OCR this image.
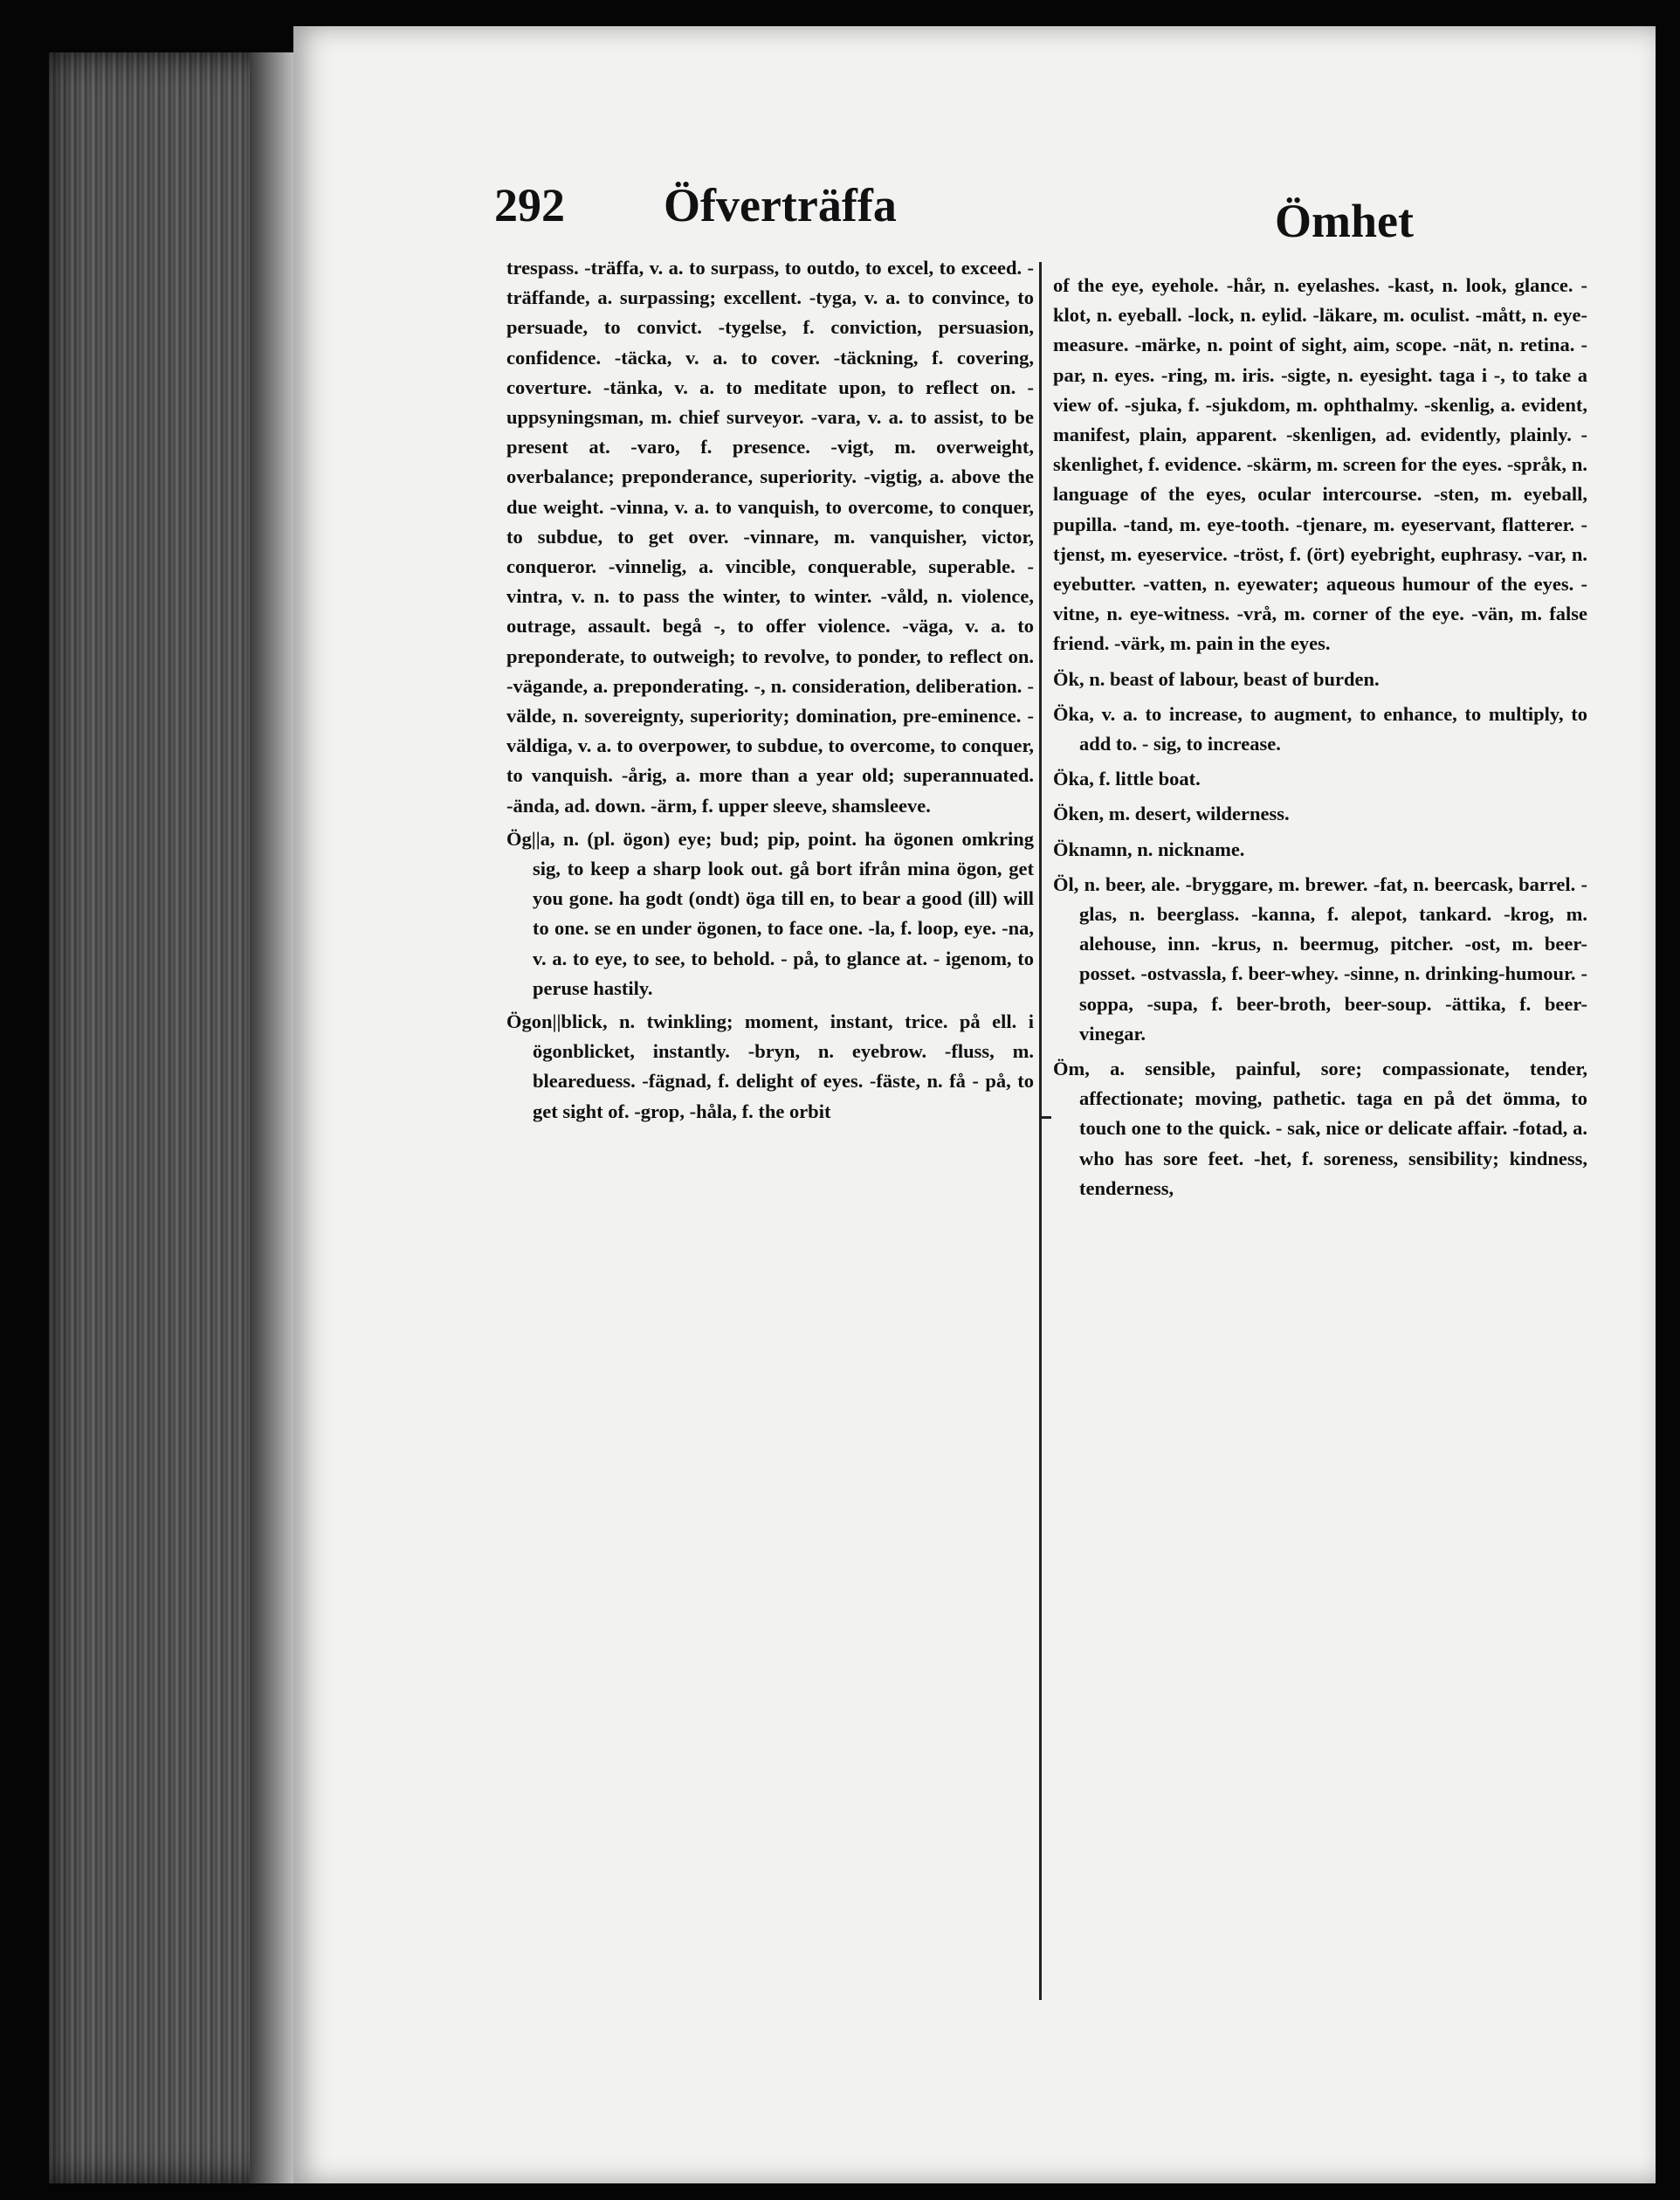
292 Öfverträffa	Ömhet

trespass. -träffa, v. a. to surpass, to outdo, to excel, to exceed. -träffande, a. surpassing; excellent. -tyga, v. a. to convince, to persuade, to convict. -tygelse, f. conviction, persuasion, confidence. -täcka, v. a. to cover. -täckning, f. covering, coverture. -tänka, v. a. to meditate upon, to reflect on. -uppsyningsman, m. chief surveyor. -vara, v. a. to assist, to be present at. -varo, f. presence. -vigt, m. overweight, overbalance; preponderance, superiority. -vigtig, a. above the due weight. -vinna, v. a. to vanquish, to overcome, to conquer, to subdue, to get over. -vinnare, m. vanquisher, victor, conqueror. -vinnelig, a. vincible, conquerable, superable. -vintra, v. n. to pass the winter, to winter. -våld, n. violence, outrage, assault. begå -, to offer violence. -väga, v. a. to preponderate, to outweigh; to revolve, to ponder, to reflect on. -vägande, a. preponderating. -, n. consideration, deliberation. -välde, n. sovereignty, superiority; domination, pre-eminence. -väldiga, v. a. to overpower, to subdue, to overcome, to conquer, to vanquish. -årig, a. more than a year old; superannuated. -ända, ad. down. -ärm, f. upper sleeve, shamsleeve.

Ög||a, n. (pl. ögon) eye; bud; pip, point. ha ögonen omkring sig, to keep a sharp look out. gå bort ifrån mina ögon, get you gone. ha godt (ondt) öga till en, to bear a good (ill) will to one. se en under ögonen, to face one. -la, f. loop, eye. -na, v. a. to eye, to see, to behold. - på, to glance at. - igenom, to peruse hastily.

Ögon||blick, n. twinkling; moment, instant, trice. på ell. i ögonblicket, instantly. -bryn, n. eyebrow. -fluss, m. bleareduess. -fägnad, f. delight of eyes. -fäste, n. få - på, to get sight of. -grop, -håla, f. the orbit

of the eye, eyehole. -hår, n. eyelashes. -kast, n. look, glance. -klot, n. eyeball. -lock, n. eylid. -läkare, m. oculist. -mått, n. eye-measure. -märke, n. point of sight, aim, scope. -nät, n. retina. -par, n. eyes. -ring, m. iris. -sigte, n. eyesight. taga i -, to take a view of. -sjuka, f. -sjukdom, m. ophthalmy. -skenlig, a. evident, manifest, plain, apparent. -skenligen, ad. evidently, plainly. -skenlighet, f. evidence. -skärm, m. screen for the eyes. -språk, n. language of the eyes, ocular intercourse. -sten, m. eyeball, pupilla. -tand, m. eye-tooth. -tjenare, m. eyeservant, flatterer. -tjenst, m. eyeservice. -tröst, f. (ört) eyebright, euphrasy. -var, n. eyebutter. -vatten, n. eyewater; aqueous humour of the eyes. -vitne, n. eye-witness. -vrå, m. corner of the eye. -vän, m. false friend. -värk, m. pain in the eyes.

Ök, n. beast of labour, beast of burden.

Öka, v. a. to increase, to augment, to enhance, to multiply, to add to. - sig, to increase.

Öka, f. little boat.

Öken, m. desert, wilderness.

Öknamn, n. nickname.

Öl, n. beer, ale. -bryggare, m. brewer. -fat, n. beercask, barrel. -glas, n. beerglass. -kanna, f. alepot, tankard. -krog, m. alehouse, inn. -krus, n. beermug, pitcher. -ost, m. beer-posset. -ostvassla, f. beer-whey. -sinne, n. drinking-humour. -soppa, -supa, f. beer-broth, beer-soup. -ättika, f. beer-vinegar.

Öm, a. sensible, painful, sore; compassionate, tender, affectionate; moving, pathetic. taga en på det ömma, to touch one to the quick. - sak, nice or delicate affair. -fotad, a. who has sore feet. -het, f. soreness, sensibility; kindness, tenderness,
